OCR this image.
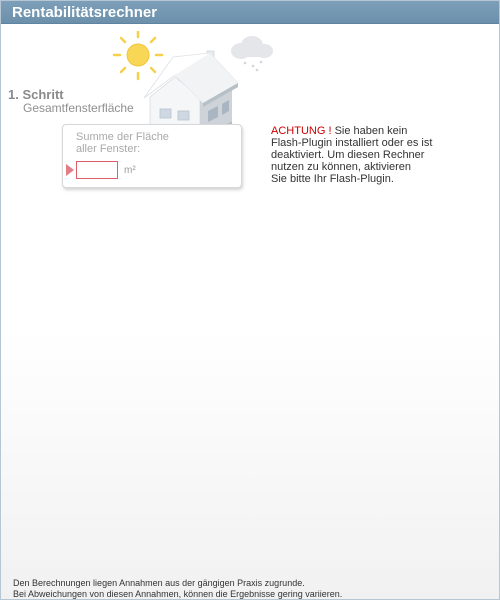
Rentabilitätsrechner
1. Schritt
Gesamtfensterfläche
Summe der Fläche
aller Fenster:
m²
ACHTUNG ! Sie haben kein
Flash-Plugin installiert oder es ist
deaktiviert. Um diesen Rechner
nutzen zu können, aktivieren
Sie bitte Ihr Flash-Plugin.
Den Berechnungen liegen Annahmen aus der gängigen Praxis zugrunde.
Bei Abweichungen von diesen Annahmen, können die Ergebnisse gering variieren.
